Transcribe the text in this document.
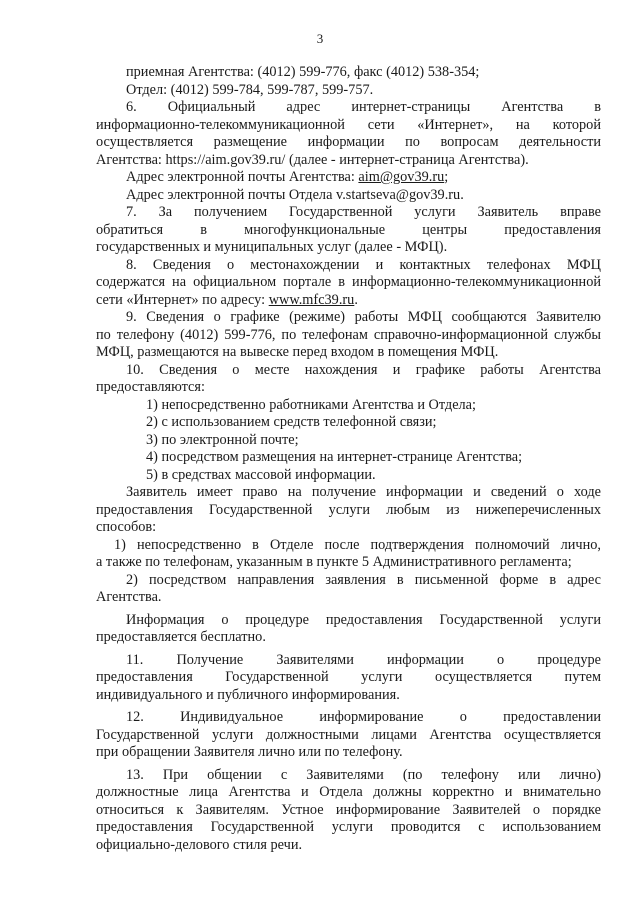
3
приемная Агентства: (4012) 599-776, факс (4012) 538-354;
Отдел: (4012) 599-784, 599-787, 599-757.
6. Официальный адрес интернет-страницы Агентства в
информационно-телекоммуникационной сети «Интернет», на которой
осуществляется размещение информации по вопросам деятельности
Агентства: https://aim.gov39.ru/ (далее - интернет-страница Агентства).
Адрес электронной почты Агентства: aim@gov39.ru;
Адрес электронной почты Отдела v.startseva@gov39.ru.
7. За получением Государственной услуги Заявитель вправе
обратиться в многофункциональные центры предоставления
государственных и муниципальных услуг (далее - МФЦ).
8. Сведения о местонахождении и контактных телефонах МФЦ
содержатся на официальном портале в информационно-телекоммуникационной
сети «Интернет» по адресу: www.mfc39.ru.
9. Сведения о графике (режиме) работы МФЦ сообщаются Заявителю
по телефону (4012) 599-776, по телефонам справочно-информационной службы
МФЦ, размещаются на вывеске перед входом в помещения МФЦ.
10. Сведения о месте нахождения и графике работы Агентства
предоставляются:
1) непосредственно работниками Агентства и Отдела;
2) с использованием средств телефонной связи;
3) по электронной почте;
4) посредством размещения на интернет-странице Агентства;
5) в средствах массовой информации.
Заявитель имеет право на получение информации и сведений о ходе
предоставления Государственной услуги любым из нижеперечисленных
способов:
1) непосредственно в Отделе после подтверждения полномочий лично,
а также по телефонам, указанным в пункте 5 Административного регламента;
2) посредством направления заявления в письменной форме в адрес
Агентства.
Информация о процедуре предоставления Государственной услуги
предоставляется бесплатно.
11. Получение Заявителями информации о процедуре
предоставления Государственной услуги осуществляется путем
индивидуального и публичного информирования.
12. Индивидуальное информирование о предоставлении
Государственной услуги должностными лицами Агентства осуществляется
при обращении Заявителя лично или по телефону.
13. При общении с Заявителями (по телефону или лично)
должностные лица Агентства и Отдела должны корректно и внимательно
относиться к Заявителям. Устное информирование Заявителей о порядке
предоставления Государственной услуги проводится с использованием
официально-делового стиля речи.
